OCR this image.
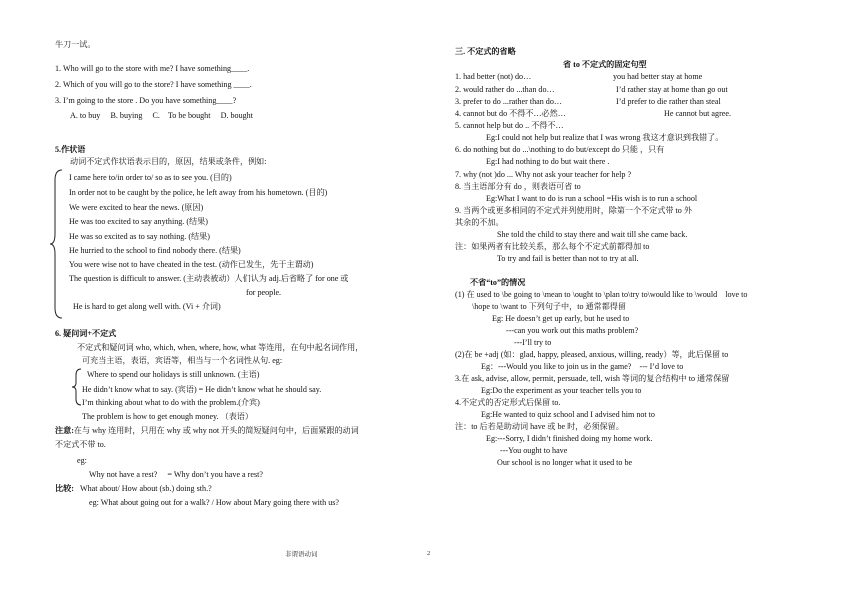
牛刀一试。
1. Who will go to the store with me? I have something____.
2. Which of you will go to the store? I have something ____.
3. I’m going to the store . Do you have something____?
A. to buy     B. buying     C.    To be bought     D. bought
5.作状语
动词不定式作状语表示目的，原因，结果或条件，例如:
I came here to/in order to/ so as to see you. (目的)
In order not to be caught by the police, he left away from his hometown. (目的)
We were excited to hear the news. (原因)
He was too excited to say anything. (结果)
He was so excited as to say nothing. (结果)
He hurried to the school to find nobody there. (结果)
You were wise not to have cheated in the test. (动作已发生，先于主谓动)
The question is difficult to answer. (主动表被动）人们认为 adj.后省略了 for one 或
for people.
He is hard to get along well with. (Vi + 介词)
6. 疑问词+不定式
不定式和疑问词 who, which, when, where, how, what 等连用，在句中起名词作用，
可充当主语，表语，宾语等，相当与一个名词性从句. eg:
Where to spend our holidays is still unknown. (主语)
He didn’t know what to say. (宾语) = He didn’t know what he should say.
I’m thinking about what to do with the problem.(介宾)
The problem is how to get enough money. （表语）
注意:在与 why 连用时，只用在 why 或 why not 开头的简短疑问句中，后面紧跟的动词
不定式不带 to.
eg:
Why not have a rest?     = Why don’t you have a rest?
比较: What about/ How about (sb.) doing sth.?
eg: What about going out for a walk? / How about Mary going there with us?
三. 不定式的省略
省 to 不定式的固定句型
1. had better (not) do…	you had better stay at home
2. would rather do ...than do…	I’d rather stay at home than go out
3. prefer to do ...rather than do…	I’d prefer to die rather than steal
4. cannot but do 不得不…必然…	He cannot but agree.
5. cannot help but do .. 不得不…
Eg:I could not help but realize that I was wrong 我这才意识到我错了。
6. do nothing but do ...\nothing to do but/except do 只能 ，只有
Eg:I had nothing to do but wait there .
7. why (not )do ... Why not ask your teacher for help ?
8. 当主语部分有 do ，则表语可省 to
Eg:What I want to do is run a school =His wish is to run a school
9. 当两个或更多相同的不定式并列使用时，除第一个不定式带 to 外
其余的不加。
She told the child to stay there and wait till she came back.
注：如果两者有比较关系，那么每个不定式前都得加 to
To try and fail is better than not to try at all.
不省“to”的情况
(1) 在 used to \be going to \mean to \ought to \plan to\try to\would like to \would    love to
\hope to \want to 下列句子中，to 通常都得留
Eg: He doesn’t get up early, but he used to
---can you work out this maths problem?
---I’ll try to
(2)在 be +adj (如：glad, happy, pleased, anxious, willing, ready）等，此后保留 to
Eg：---Would you like to join us in the game?    --- I’d love to
3.在 ask, advise, allow, permit, persuade, tell, wish 等词的复合结构中 to 通常保留
Eg:Do the experiment as your teacher tells you to
4.不定式的否定形式后保留 to.
Eg:He wanted to quiz school and I advised him not to
注：to 后若是助动词 have 或 be 时，必须保留。
Eg:---Sorry, I didn’t finished doing my home work.
---You ought to have
Our school is no longer what it used to be
非谓语动词	2
